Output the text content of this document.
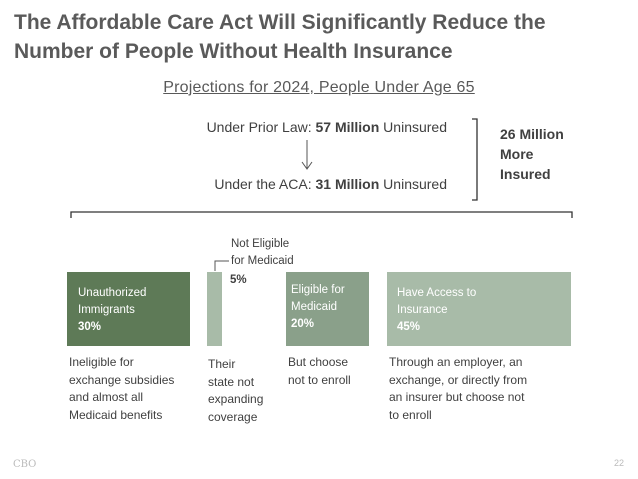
The Affordable Care Act Will Significantly Reduce the Number of People Without Health Insurance
Projections for 2024, People Under Age 65
Under Prior Law: 57 Million Uninsured
Under the ACA: 31 Million Uninsured
26 Million
More
Insured
Unauthorized
Immigrants
30%
Eligible for
Medicaid
20%
Have Access to
Insurance
45%
Not Eligible
for Medicaid
5%
Ineligible for
exchange subsidies
and almost all
Medicaid benefits
Their
state not
expanding
coverage
But choose
not to enroll
Through an employer, an
exchange, or directly from
an insurer but choose not
to enroll
CBO	22
